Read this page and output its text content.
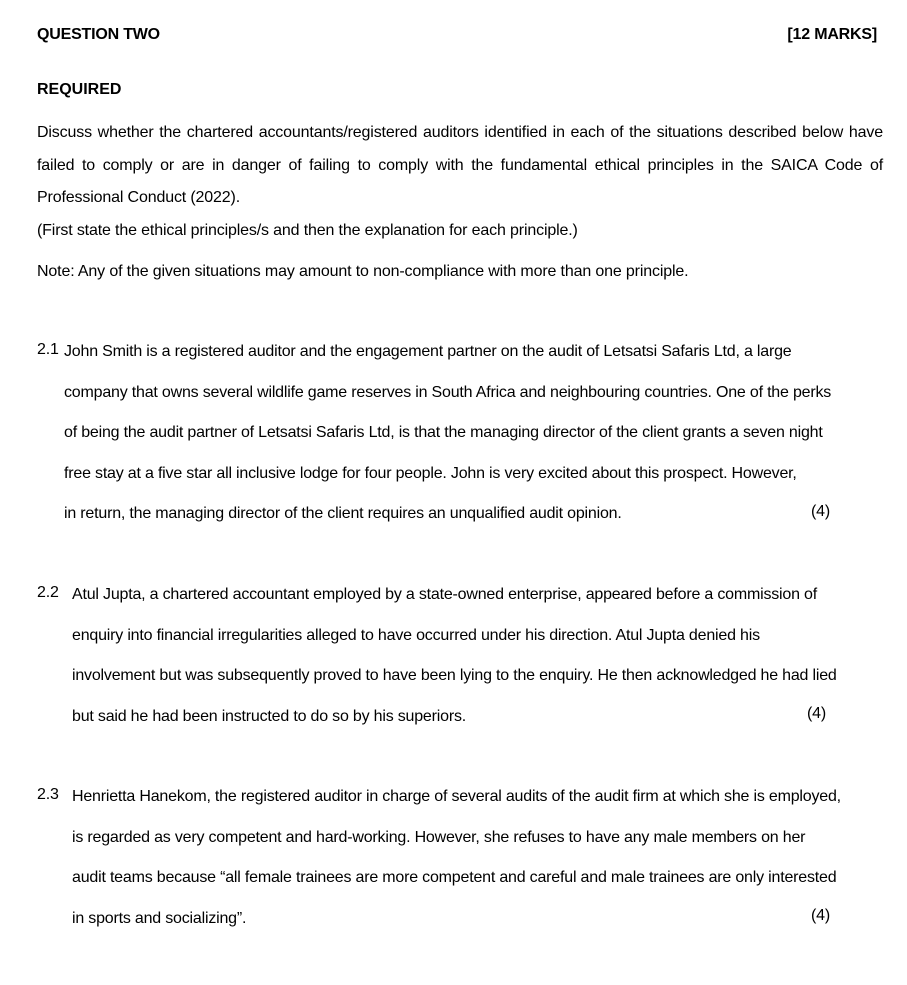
QUESTION TWO	[12 MARKS]
REQUIRED
Discuss whether the chartered accountants/registered auditors identified in each of the situations described below have failed to comply or are in danger of failing to comply with the fundamental ethical principles in the SAICA Code of Professional Conduct (2022).
(First state the ethical principles/s and then the explanation for each principle.)
Note: Any of the given situations may amount to non-compliance with more than one principle.
2.1 John Smith is a registered auditor and the engagement partner on the audit of Letsatsi Safaris Ltd, a large
company that owns several wildlife game reserves in South Africa and neighbouring countries. One of the perks
of being the audit partner of Letsatsi Safaris Ltd, is that the managing director of the client grants a seven night
free stay at a five star all inclusive lodge for four people. John is very excited about this prospect. However,
in return, the managing director of the client requires an unqualified audit opinion.	(4)
2.2 Atul Jupta, a chartered accountant employed by a state-owned enterprise, appeared before a commission of
enquiry into financial irregularities alleged to have occurred under his direction. Atul Jupta denied his
involvement but was subsequently proved to have been lying to the enquiry. He then acknowledged he had lied
but said he had been instructed to do so by his superiors.	(4)
2.3 Henrietta Hanekom, the registered auditor in charge of several audits of the audit firm at which she is employed,
is regarded as very competent and hard-working. However, she refuses to have any male members on her
audit teams because “all female trainees are more competent and careful and male trainees are only interested
in sports and socializing”.	(4)
